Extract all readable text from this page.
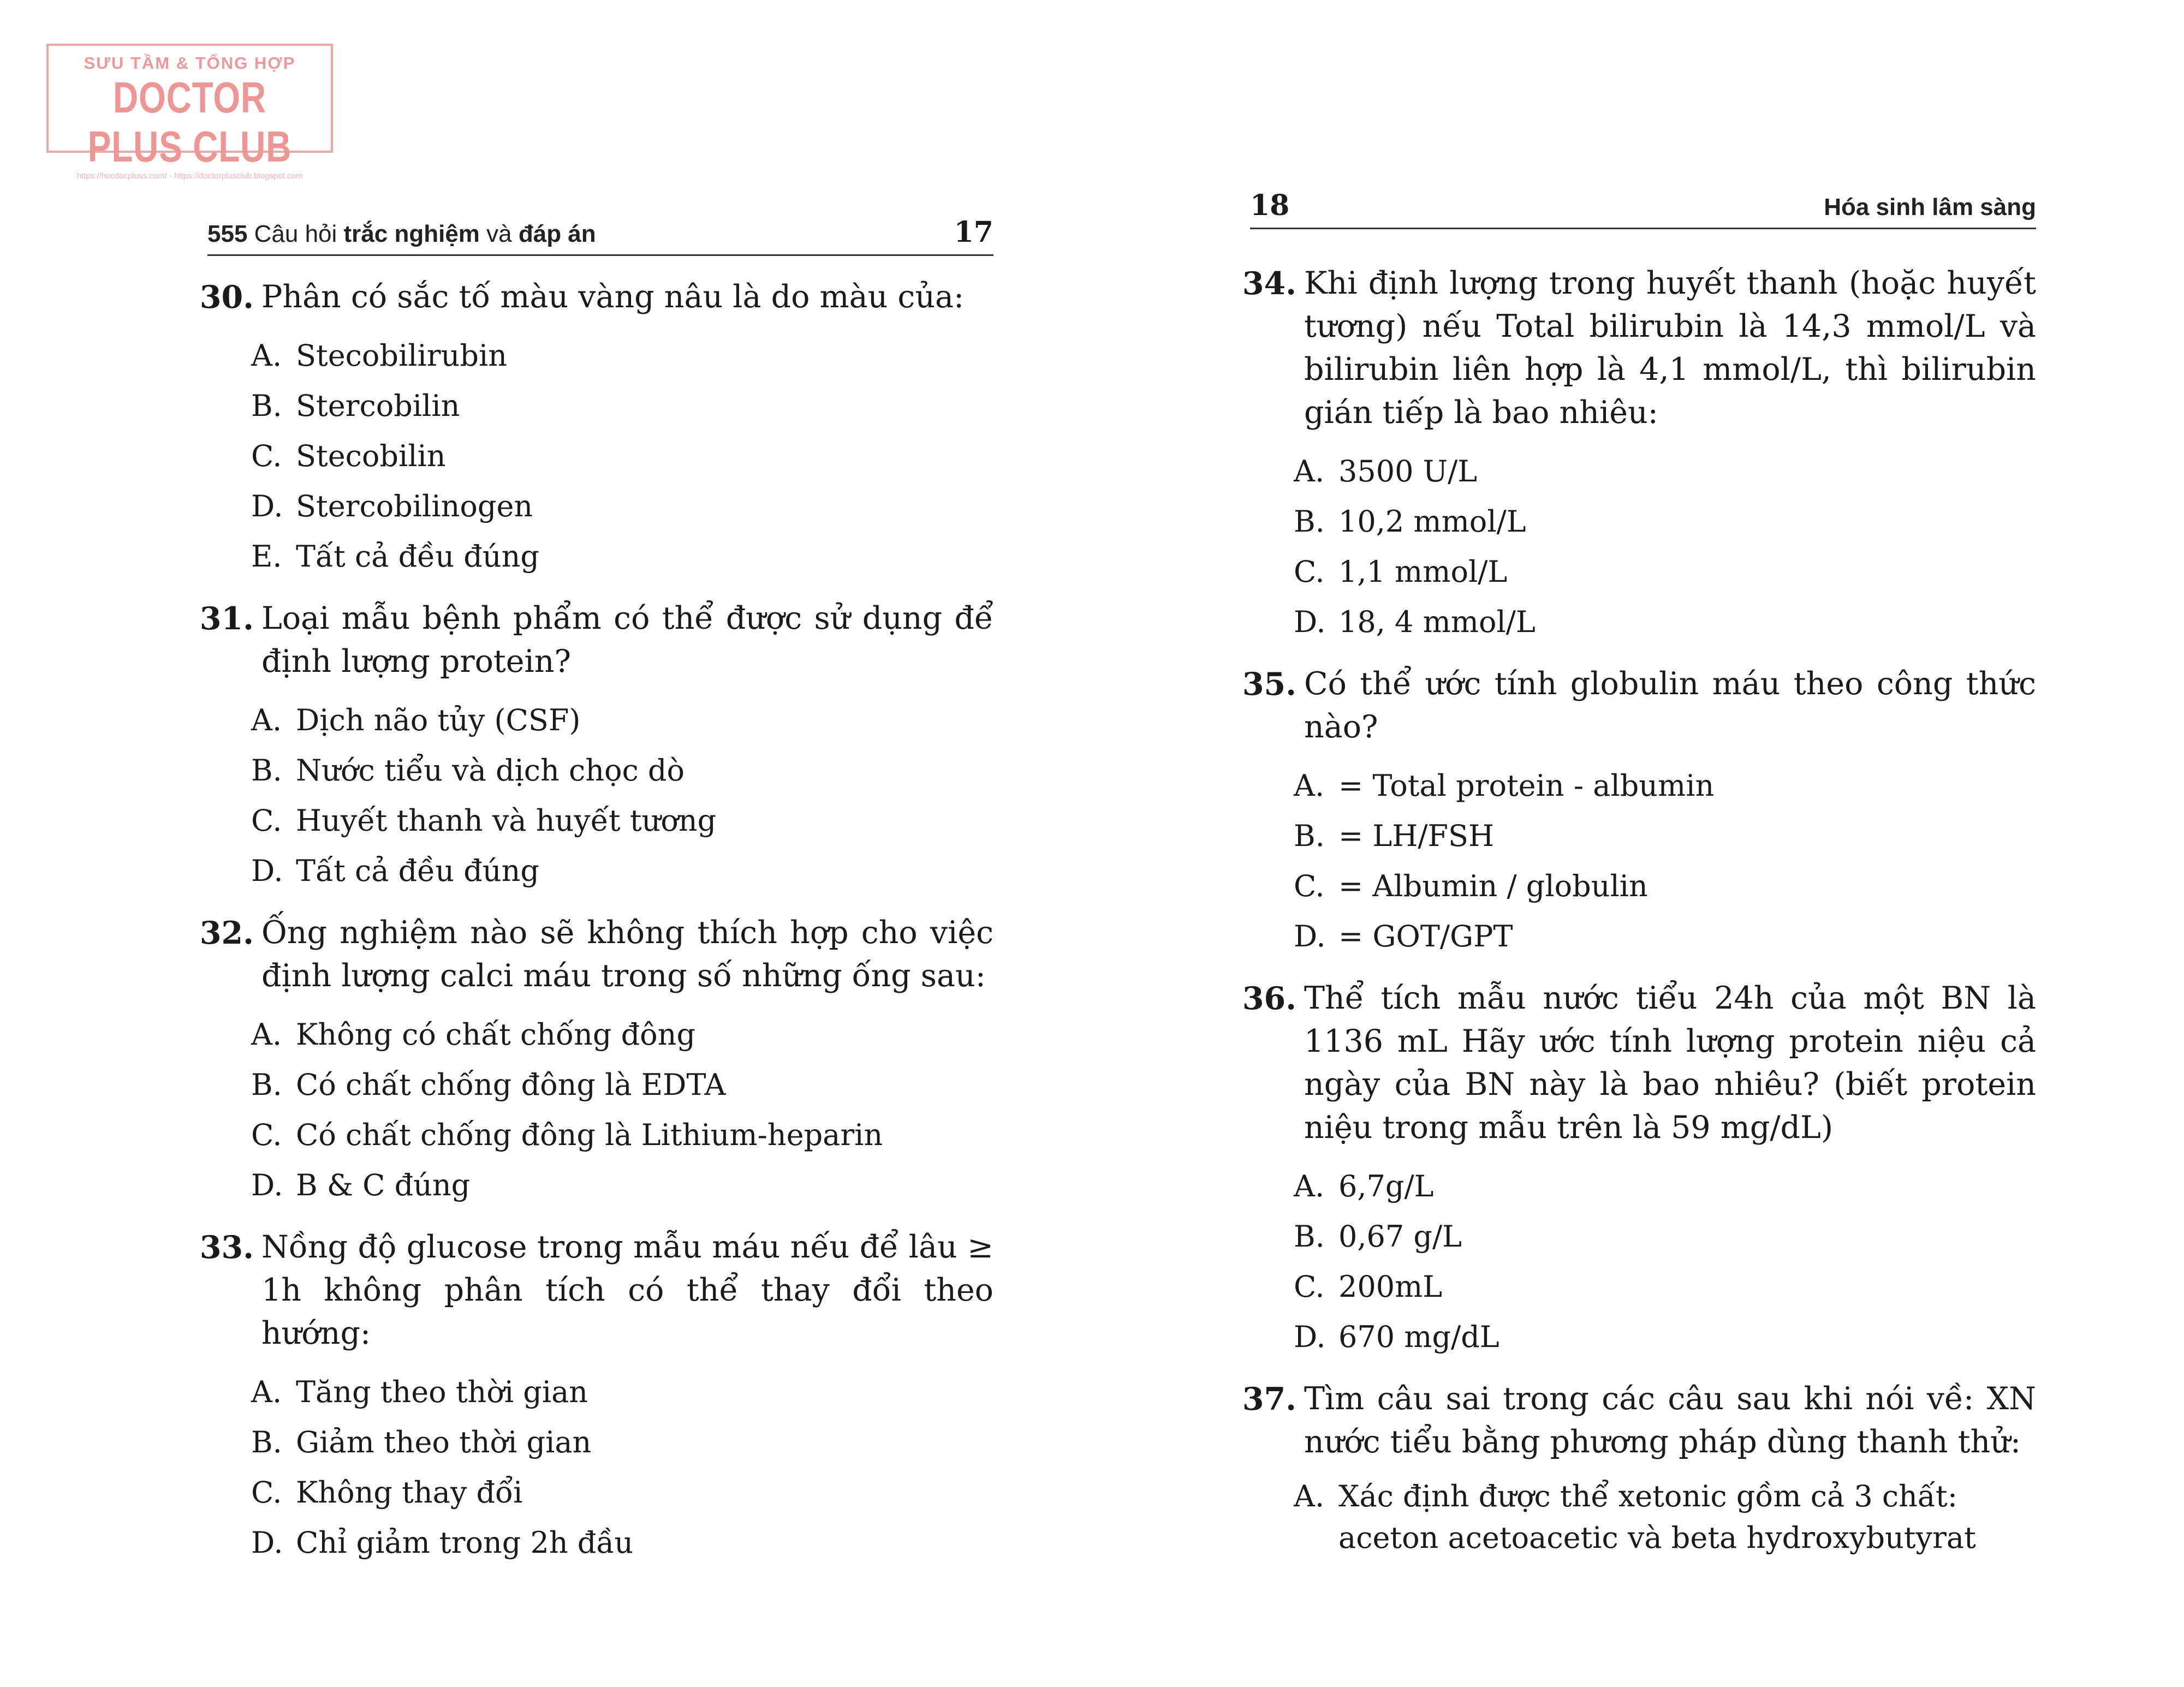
SƯU TẦM & TỔNG HỢP
DOCTOR PLUS CLUB
https://hocdocpluss.com/ - https://doctorplusclub.blogspot.com
555 Câu hỏi trắc nghiệm và đáp án	17
30. Phân có sắc tố màu vàng nâu là do màu của:
A. Stecobilirubin
B. Stercobilin
C. Stecobilin
D. Stercobilinogen
E. Tất cả đều đúng
31. Loại mẫu bệnh phẩm có thể được sử dụng để định lượng protein?
A. Dịch não tủy (CSF)
B. Nước tiểu và dịch chọc dò
C. Huyết thanh và huyết tương
D. Tất cả đều đúng
32. Ống nghiệm nào sẽ không thích hợp cho việc định lượng calci máu trong số những ống sau:
A. Không có chất chống đông
B. Có chất chống đông là EDTA
C. Có chất chống đông là Lithium-heparin
D. B & C đúng
33. Nồng độ glucose trong mẫu máu nếu để lâu ≥ 1h không phân tích có thể thay đổi theo hướng:
A. Tăng theo thời gian
B. Giảm theo thời gian
C. Không thay đổi
D. Chỉ giảm trong 2h đầu
18	Hóa sinh lâm sàng
34. Khi định lượng trong huyết thanh (hoặc huyết tương) nếu Total bilirubin là 14,3 mmol/L và bilirubin liên hợp là 4,1 mmol/L, thì bilirubin gián tiếp là bao nhiêu:
A. 3500 U/L
B. 10,2 mmol/L
C. 1,1 mmol/L
D. 18, 4 mmol/L
35. Có thể ước tính globulin máu theo công thức nào?
A. = Total protein - albumin
B. = LH/FSH
C. = Albumin / globulin
D. = GOT/GPT
36. Thể tích mẫu nước tiểu 24h của một BN là 1136 mL Hãy ước tính lượng protein niệu cả ngày của BN này là bao nhiêu? (biết protein niệu trong mẫu trên là 59 mg/dL)
A. 6,7g/L
B. 0,67 g/L
C. 200mL
D. 670 mg/dL
37. Tìm câu sai trong các câu sau khi nói về: XN nước tiểu bằng phương pháp dùng thanh thử:
A. Xác định được thể xetonic gồm cả 3 chất: aceton acetoacetic và beta hydroxybutyrat
